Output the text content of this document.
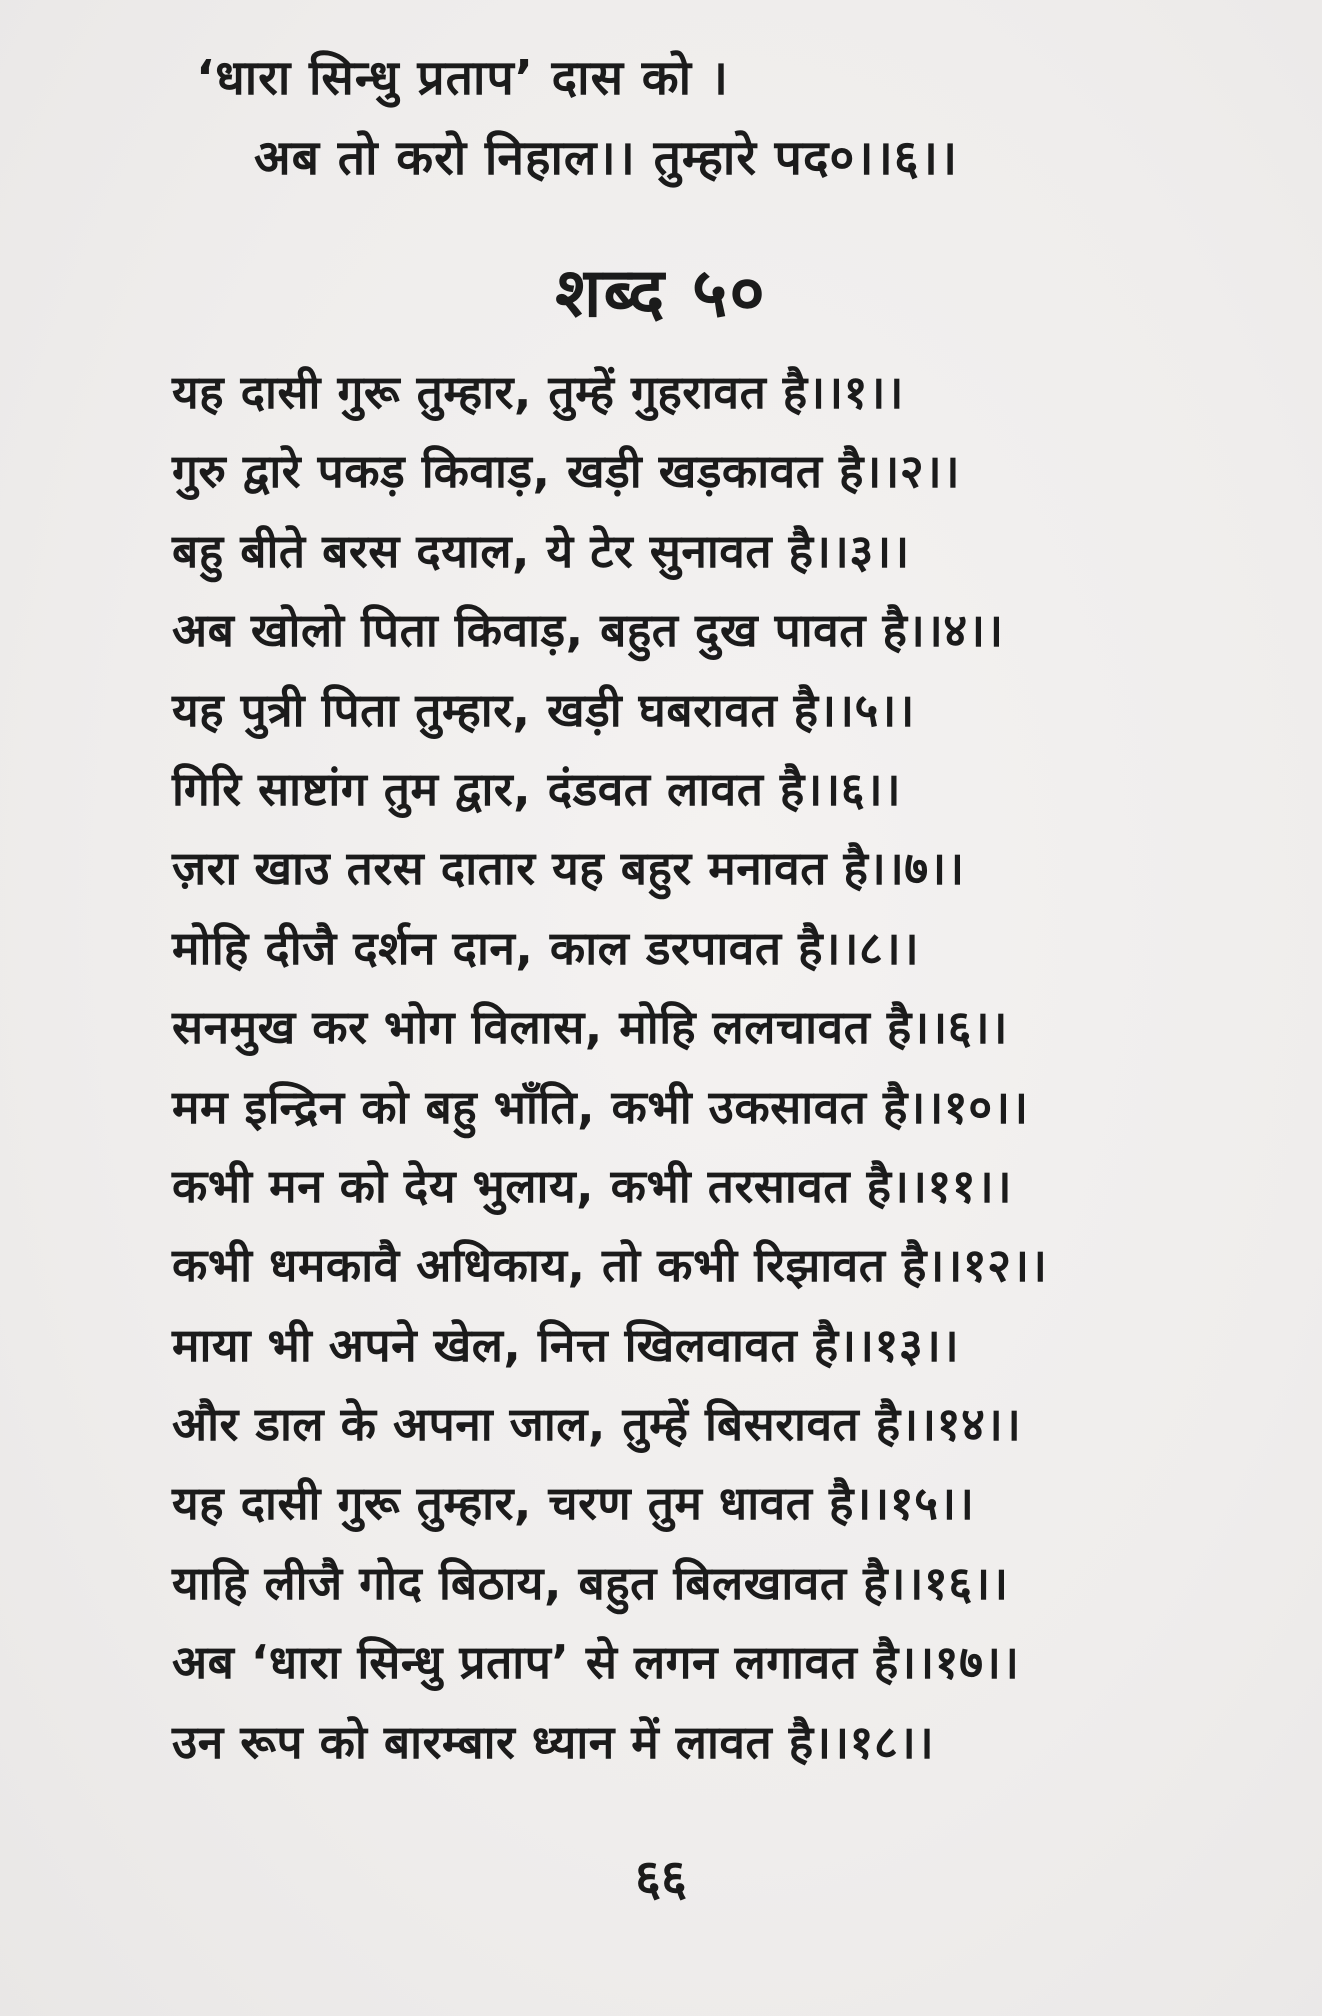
‘धारा सिन्धु प्रताप’ दास को ।
अब तो करो निहाल।। तुम्हारे पद०।।६।।
शब्द ५०
यह दासी गुरू तुम्हार, तुम्हें गुहरावत है।।१।।
गुरु द्वारे पकड़ किवाड़, खड़ी खड़कावत है।।२।।
बहु बीते बरस दयाल, ये टेर सुनावत है।।३।।
अब खोलो पिता किवाड़, बहुत दुख पावत है।।४।।
यह पुत्री पिता तुम्हार, खड़ी घबरावत है।।५।।
गिरि साष्टांग तुम द्वार, दंडवत लावत है।।६।।
ज़रा खाउ तरस दातार यह बहुर मनावत है।।७।।
मोहि दीजै दर्शन दान, काल डरपावत है।।८।।
सनमुख कर भोग विलास, मोहि ललचावत है।।६।।
मम इन्द्रिन को बहु भाँति, कभी उकसावत है।।१०।।
कभी मन को देय भुलाय, कभी तरसावत है।।११।।
कभी धमकावै अधिकाय, तो कभी रिझावत है।।१२।।
माया भी अपने खेल, नित्त खिलवावत है।।१३।।
और डाल के अपना जाल, तुम्हें बिसरावत है।।१४।।
यह दासी गुरू तुम्हार, चरण तुम धावत है।।१५।।
याहि लीजै गोद बिठाय, बहुत बिलखावत है।।१६।।
अब ‘धारा सिन्धु प्रताप’ से लगन लगावत है।।१७।।
उन रूप को बारम्बार ध्यान में लावत है।।१८।।
६६
